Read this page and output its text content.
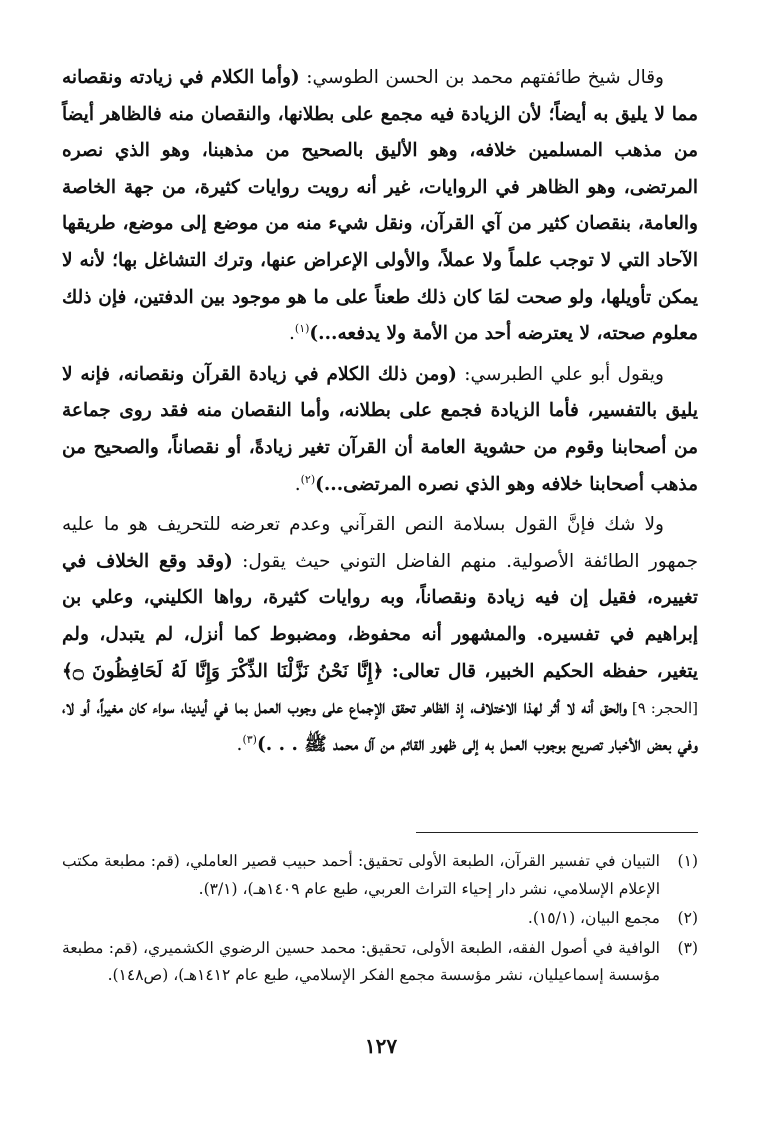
وقال شيخ طائفتهم محمد بن الحسن الطوسي: (وأما الكلام في زيادته ونقصانه مما لا يليق به أيضاً؛ لأن الزيادة فيه مجمع على بطلانها، والنقصان منه فالظاهر أيضاً من مذهب المسلمين خلافه، وهو الأليق بالصحيح من مذهبنا، وهو الذي نصره المرتضى، وهو الظاهر في الروايات، غير أنه رويت روايات كثيرة، من جهة الخاصة والعامة، بنقصان كثير من آي القرآن، ونقل شيء منه من موضع إلى موضع، طريقها الآحاد التي لا توجب علماً ولا عملاً، والأولى الإعراض عنها، وترك التشاغل بها؛ لأنه لا يمكن تأويلها، ولو صحت لمَا كان ذلك طعناً على ما هو موجود بين الدفتين، فإن ذلك معلوم صحته، لا يعترضه أحد من الأمة ولا يدفعه...)$^{(١)}$.

ويقول أبو علي الطبرسي: (ومن ذلك الكلام في زيادة القرآن ونقصانه، فإنه لا يليق بالتفسير، فأما الزيادة فجمع على بطلانه، وأما النقصان منه فقد روى جماعة من أصحابنا وقوم من حشوية العامة أن القرآن تغير زيادةً، أو نقصاناً، والصحيح من مذهب أصحابنا خلافه وهو الذي نصره المرتضى...)$^{(٢)}$.

ولا شك فإنَّ القول بسلامة النص القرآني وعدم تعرضه للتحريف هو ما عليه جمهور الطائفة الأصولية. منهم الفاضل التوني حيث يقول: (وقد وقع الخلاف في تغييره، فقيل إن فيه زيادة ونقصاناً، وبه روايات كثيرة، رواها الكليني، وعلي بن إبراهيم في تفسيره. والمشهور أنه محفوظ، ومضبوط كما أنزل، لم يتبدل، ولم يتغير، حفظه الحكيم الخبير، قال تعالى: ﴿إِنَّا نَحْنُ نَزَّلْنَا الذِّكْرَ وَإِنَّا لَهُ لَحَافِظُونَ ۝﴾ [الحجر: ٩] والحق أنه لا أثر لهذا الاختلاف، إذ الظاهر تحقق الإجماع على وجوب العمل بما في أيدينا، سواء كان مغيراً، أو لا، وفي بعض الأخبار تصريح بوجوب العمل به إلى ظهور القائم من آل محمد ﷺ . . .)$^{(٣)}$.

(١)
التبيان في تفسير القرآن، الطبعة الأولى تحقيق: أحمد حبيب قصير العاملي، (قم: مطبعة مكتب الإعلام الإسلامي، نشر دار إحياء التراث العربي، طبع عام ١٤٠٩هـ)، (٣/١).
(٢)
مجمع البيان، (١٥/١).
(٣)
الوافية في أصول الفقه، الطبعة الأولى، تحقيق: محمد حسين الرضوي الكشميري، (قم: مطبعة مؤسسة إسماعيليان، نشر مؤسسة مجمع الفكر الإسلامي، طبع عام ١٤١٢هـ)، (ص١٤٨).
١٢٧
